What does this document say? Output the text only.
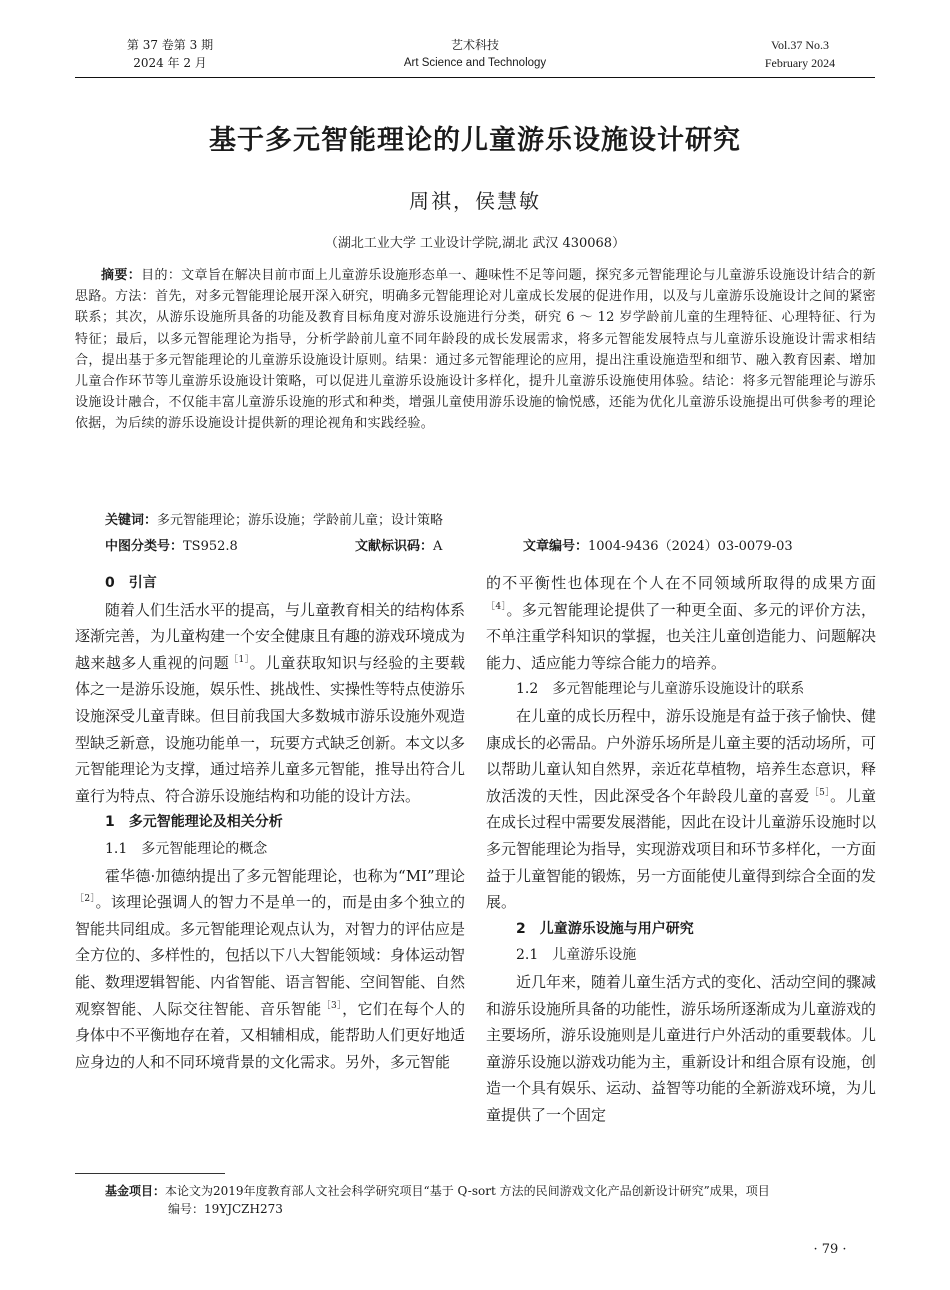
第 37 卷第 3 期
2024 年 2 月
艺术科技
Art Science and Technology
Vol.37 No.3
February 2024
基于多元智能理论的儿童游乐设施设计研究
周祺，侯慧敏
（湖北工业大学 工业设计学院,湖北 武汉 430068）
摘要：目的：文章旨在解决目前市面上儿童游乐设施形态单一、趣味性不足等问题，探究多元智能理论与儿童游乐设施设计结合的新思路。方法：首先，对多元智能理论展开深入研究，明确多元智能理论对儿童成长发展的促进作用，以及与儿童游乐设施设计之间的紧密联系；其次，从游乐设施所具备的功能及教育目标角度对游乐设施进行分类，研究 6 ～ 12 岁学龄前儿童的生理特征、心理特征、行为特征；最后，以多元智能理论为指导，分析学龄前儿童不同年龄段的成长发展需求，将多元智能发展特点与儿童游乐设施设计需求相结合，提出基于多元智能理论的儿童游乐设施设计原则。结果：通过多元智能理论的应用，提出注重设施造型和细节、融入教育因素、增加儿童合作环节等儿童游乐设施设计策略，可以促进儿童游乐设施设计多样化，提升儿童游乐设施使用体验。结论：将多元智能理论与游乐设施设计融合，不仅能丰富儿童游乐设施的形式和种类，增强儿童使用游乐设施的愉悦感，还能为优化儿童游乐设施提出可供参考的理论依据，为后续的游乐设施设计提供新的理论视角和实践经验。
关键词：多元智能理论；游乐设施；学龄前儿童；设计策略
中图分类号：TS952.8	文献标识码：A	文章编号：1004-9436（2024）03-0079-03
0　引言

随着人们生活水平的提高，与儿童教育相关的结构体系逐渐完善，为儿童构建一个安全健康且有趣的游戏环境成为越来越多人重视的问题$^{[1]}$。儿童获取知识与经验的主要载体之一是游乐设施，娱乐性、挑战性、实操性等特点使游乐设施深受儿童青睐。但目前我国大多数城市游乐设施外观造型缺乏新意，设施功能单一，玩要方式缺乏创新。本文以多元智能理论为支撑，通过培养儿童多元智能，推导出符合儿童行为特点、符合游乐设施结构和功能的设计方法。

1　多元智能理论及相关分析
1.1　多元智能理论的概念

霍华德·加德纳提出了多元智能理论，也称为“MI”理论$^{[2]}$。该理论强调人的智力不是单一的，而是由多个独立的智能共同组成。多元智能理论观点认为，对智力的评估应是全方位的、多样性的，包括以下八大智能领域：身体运动智能、数理逻辑智能、内省智能、语言智能、空间智能、自然观察智能、人际交往智能、音乐智能$^{[3]}$，它们在每个人的身体中不平衡地存在着，又相辅相成，能帮助人们更好地适应身边的人和不同环境背景的文化需求。另外，多元智能

的不平衡性也体现在个人在不同领域所取得的成果方面$^{[4]}$。多元智能理论提供了一种更全面、多元的评价方法，不单注重学科知识的掌握，也关注儿童创造能力、问题解决能力、适应能力等综合能力的培养。

1.2　多元智能理论与儿童游乐设施设计的联系

在儿童的成长历程中，游乐设施是有益于孩子愉快、健康成长的必需品。户外游乐场所是儿童主要的活动场所，可以帮助儿童认知自然界，亲近花草植物，培养生态意识，释放活泼的天性，因此深受各个年龄段儿童的喜爱$^{[5]}$。儿童在成长过程中需要发展潜能，因此在设计儿童游乐设施时以多元智能理论为指导，实现游戏项目和环节多样化，一方面益于儿童智能的锻炼，另一方面能使儿童得到综合全面的发展。

2　儿童游乐设施与用户研究
2.1　儿童游乐设施

近几年来，随着儿童生活方式的变化、活动空间的骤减和游乐设施所具备的功能性，游乐场所逐渐成为儿童游戏的主要场所，游乐设施则是儿童进行户外活动的重要载体。儿童游乐设施以游戏功能为主，重新设计和组合原有设施，创造一个具有娱乐、运动、益智等功能的全新游戏环境，为儿童提供了一个固定

基金项目：本论文为2019年度教育部人文社会科学研究项目“基于 Q-sort 方法的民间游戏文化产品创新设计研究”成果，项目
编号：19YJCZH273
· 79 ·
